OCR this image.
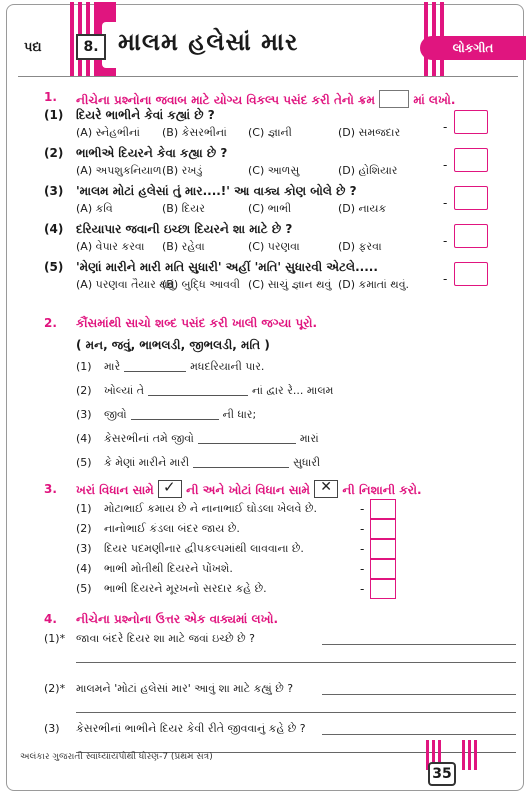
પદ્ય	8. માલમ હલેસાં માર	લોકગીત
1. નીચેના પ્રશ્નોના જવાબ માટે યોગ્ય વિકલ્પ પસંદ કરી તેનો ક્રમ	માં લખો.
(1) દિયરે ભાભીને કેવાં કહ્યાં છે ?
(A) સ્નેહભીનાં (B) કેસરભીનાં (C) જ્ઞાની	(D) સમજદાર	-
(2) ભાભીએ દિયરને કેવા કહ્યા છે ?
(A) અપશુકનિયાળ (B) રખડું	(C) આળસુ	(D) હોશિયાર	-
(3) 'માલમ મોટાં હલેસાં તું માર....!' આ વાક્ય કોણ બોલે છે ?
(A) કવિ	(B) દિયર	(C) ભાભી	(D) નાયક	-
(4) દરિયાપાર જવાની ઇચ્છા દિયરને શા માટે છે ?
(A) વેપાર કરવા (B) રહેવા	(C) પરણવા	(D) ફરવા	-
(5) 'મેણાં મારીને મારી મતિ સુધારી' અહીં 'મતિ' સુધારવી એટલે.....
(A) પરણવા તૈયાર થવું
(B) બુદ્ધિ આવવી (C) સાચું જ્ઞાન થવું (D) કમાતાં થવું.	-
2. કૌંસમાંથી સાચો શબ્દ પસંદ કરી ખાલી જગ્યા પૂરો.
( મન, જવું, ભાભલડી, જીભલડી, મતિ )
(1) મારે	મધદરિયાની પાર.
(2) ખોલ્યાં તે	નાં દ્વાર રે... માલમ
(3) જીવો	ની ધાર;
(4) કેસરભીનાં તમે જીવો	મારાં
(5) કે મેણાં મારીને મારી	સુધારી
3. ખરાં વિધાન સામે ✓ ની અને ખોટાં વિધાન સામે ✕ ની નિશાની કરો.
(1) મોટાભાઈ કમાય છે ને નાનાભાઈ ઘોડલા ખેલવે છે.	-
(2) નાનોભાઈ કંડલા બંદર જાય છે.	-
(3) દિયર પદમણીનાર દ્વીપકલ્પમાંથી લાવવાના છે.	-
(4) ભાભી મોતીથી દિયરને પોંખશે.	-
(5) ભાભી દિયરને મૂરખનો સરદાર કહે છે.	-
4. નીચેના પ્રશ્નોના ઉત્તર એક વાક્યમાં લખો.
(1)* જાવા બંદરે દિયર શા માટે જવાં ઇચ્છે છે ?
(2)* માલમને 'મોટાં હલેસાં માર' આવું શા માટે કહ્યું છે ?
(3) કેસરભીનાં ભાભીને દિયર કેવી રીતે જીવવાનું કહે છે ?
અલંકાર ગુજરાતી સ્વાધ્યાયપોથી ધોરણ-7 (પ્રથમ સત્ર)
35
